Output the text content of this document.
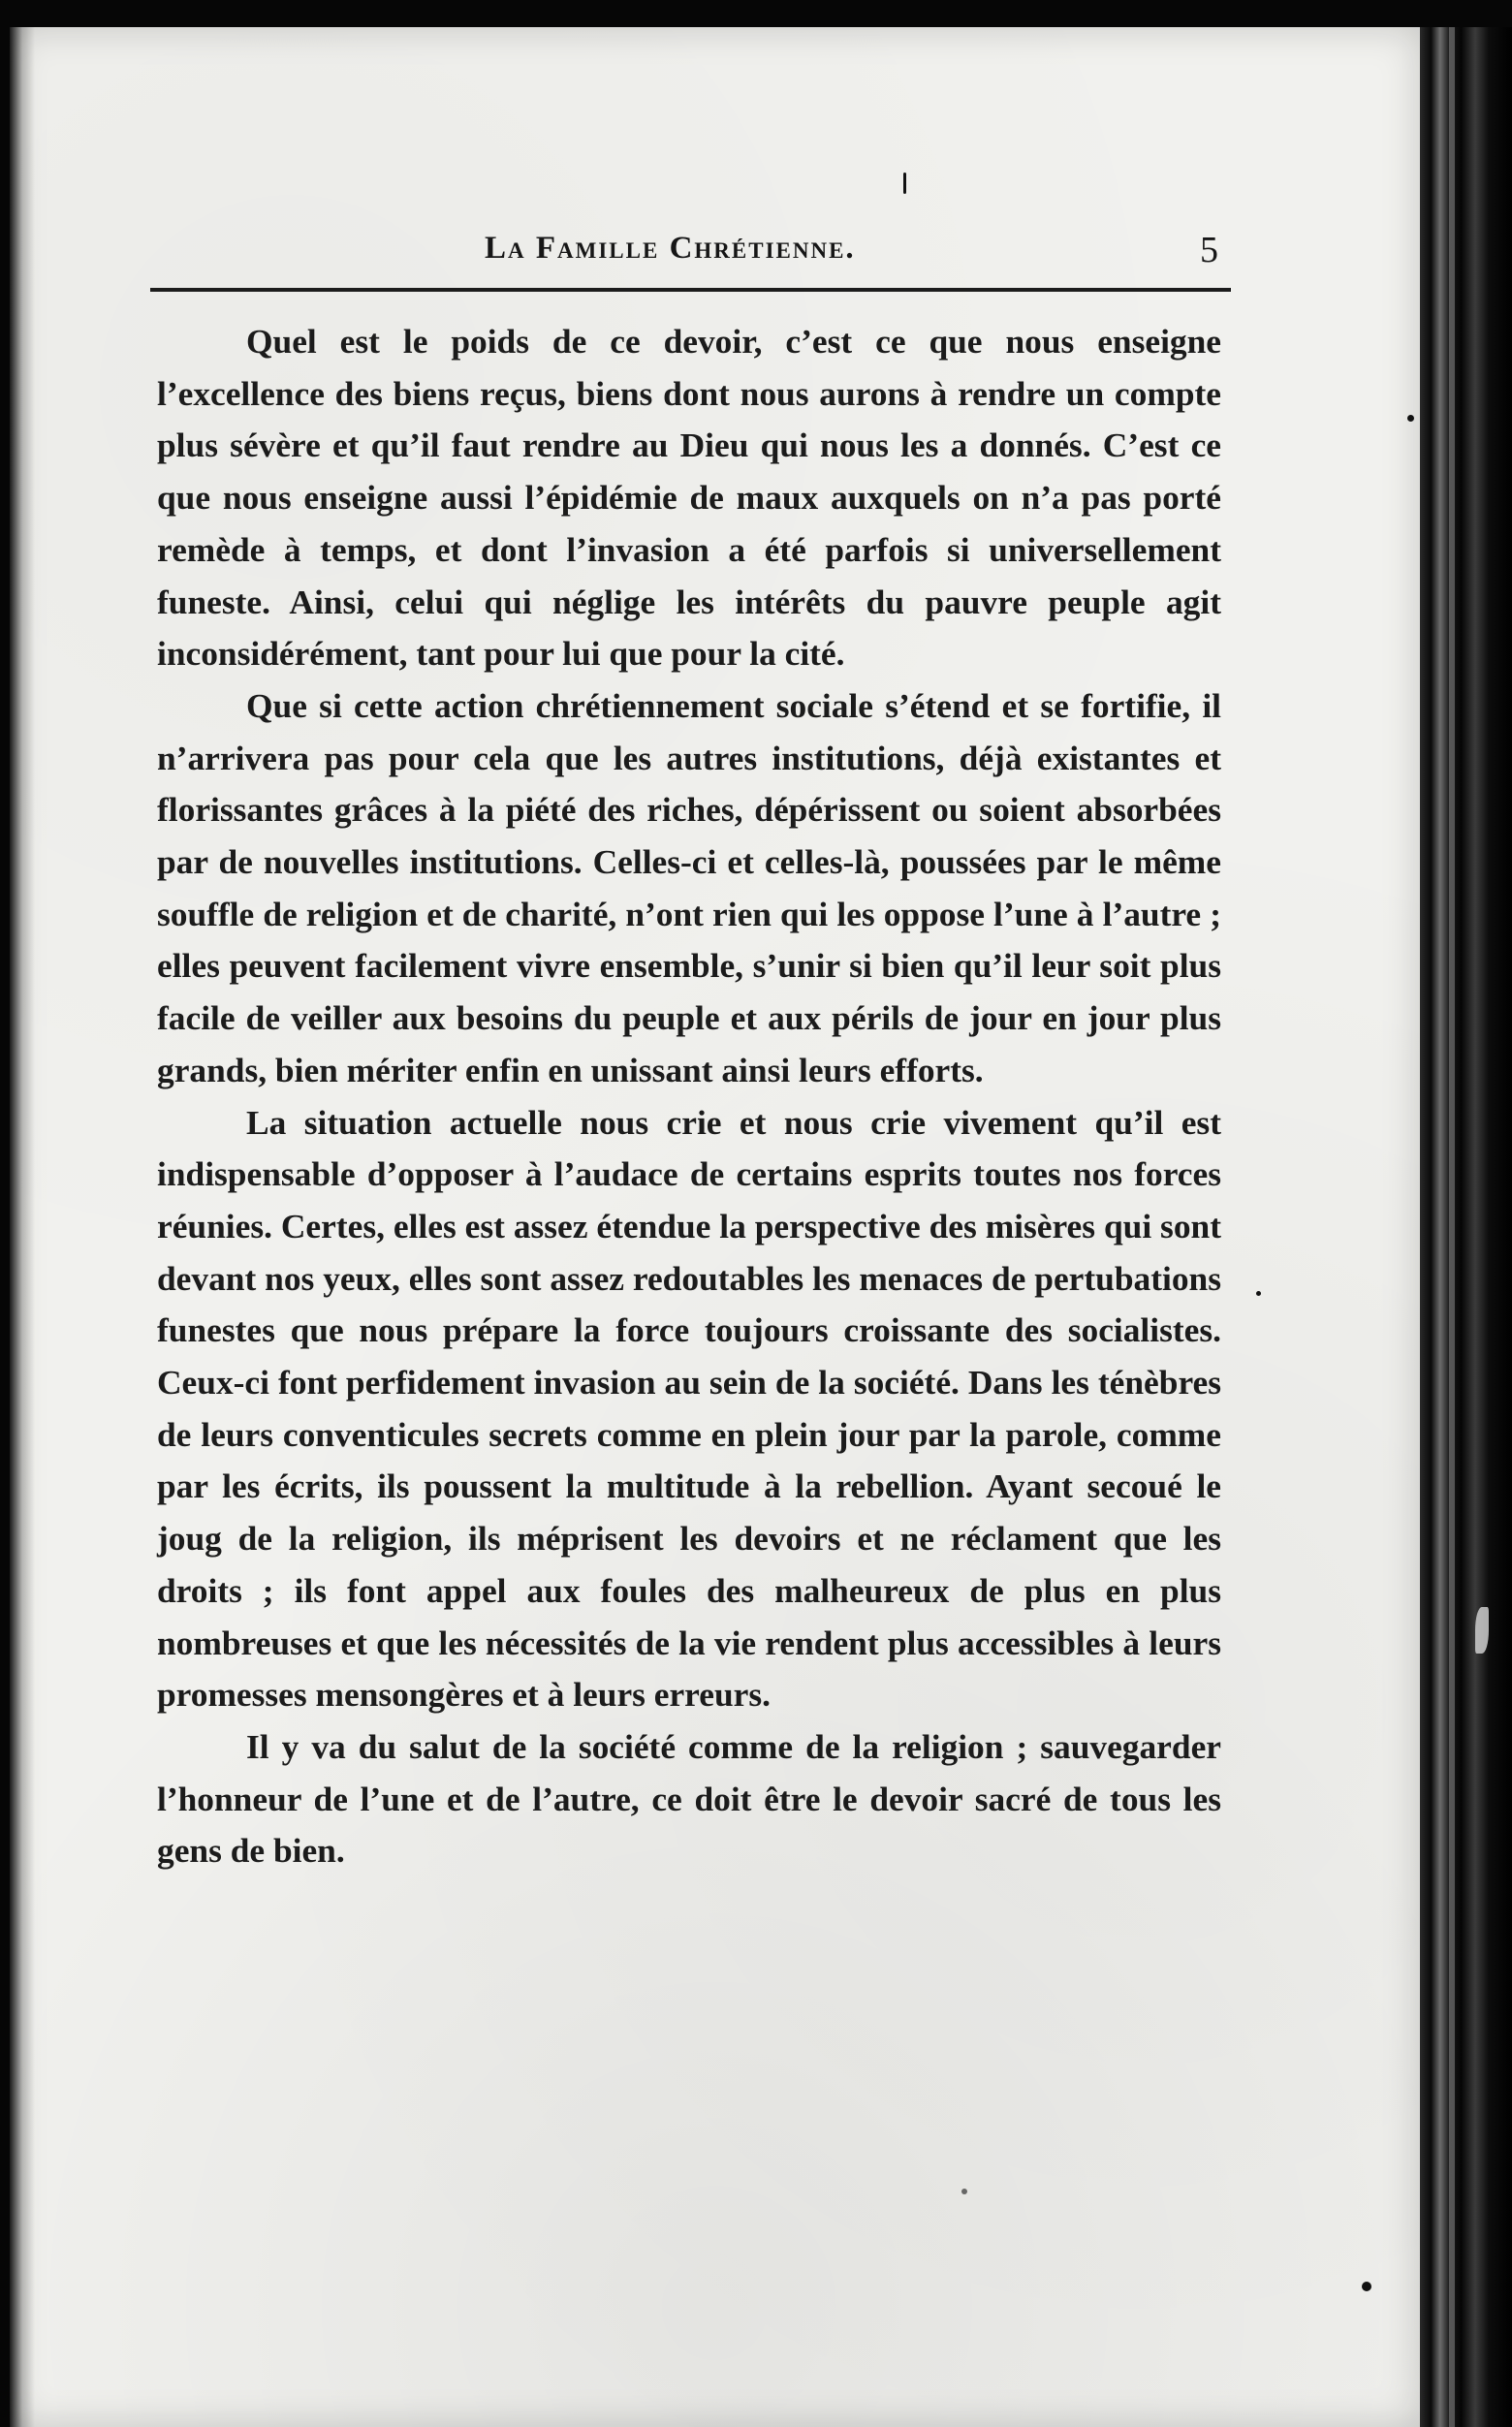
La Famille Chrétienne.	5

Quel est le poids de ce devoir, c’est ce que nous enseigne l’excellence des biens reçus, biens dont nous aurons à rendre un compte plus sévère et qu’il faut rendre au Dieu qui nous les a donnés. C’est ce que nous enseigne aussi l’épidémie de maux auxquels on n’a pas porté remède à temps, et dont l’invasion a été parfois si universellement funeste. Ainsi, celui qui néglige les intérêts du pauvre peuple agit inconsidérément, tant pour lui que pour la cité.

Que si cette action chrétiennement sociale s’étend et se fortifie, il n’arrivera pas pour cela que les autres institutions, déjà existantes et florissantes grâces à la piété des riches, dépérissent ou soient absorbées par de nouvelles institutions. Celles-ci et celles-là, poussées par le même souffle de religion et de charité, n’ont rien qui les oppose l’une à l’autre ; elles peuvent facilement vivre ensemble, s’unir si bien qu’il leur soit plus facile de veiller aux besoins du peuple et aux périls de jour en jour plus grands, bien mériter enfin en unissant ainsi leurs efforts.

La situation actuelle nous crie et nous crie vivement qu’il est indispensable d’opposer à l’audace de certains esprits toutes nos forces réunies. Certes, elles est assez étendue la perspective des misères qui sont devant nos yeux, elles sont assez redoutables les menaces de pertubations funestes que nous prépare la force toujours croissante des socialistes. Ceux-ci font perfidement invasion au sein de la société. Dans les ténèbres de leurs conventicules secrets comme en plein jour par la parole, comme par les écrits, ils poussent la multitude à la rebellion. Ayant secoué le joug de la religion, ils méprisent les devoirs et ne réclament que les droits ; ils font appel aux foules des malheureux de plus en plus nombreuses et que les nécessités de la vie rendent plus accessibles à leurs promesses mensongères et à leurs erreurs.

Il y va du salut de la société comme de la religion ; sauvegarder l’honneur de l’une et de l’autre, ce doit être le devoir sacré de tous les gens de bien.
